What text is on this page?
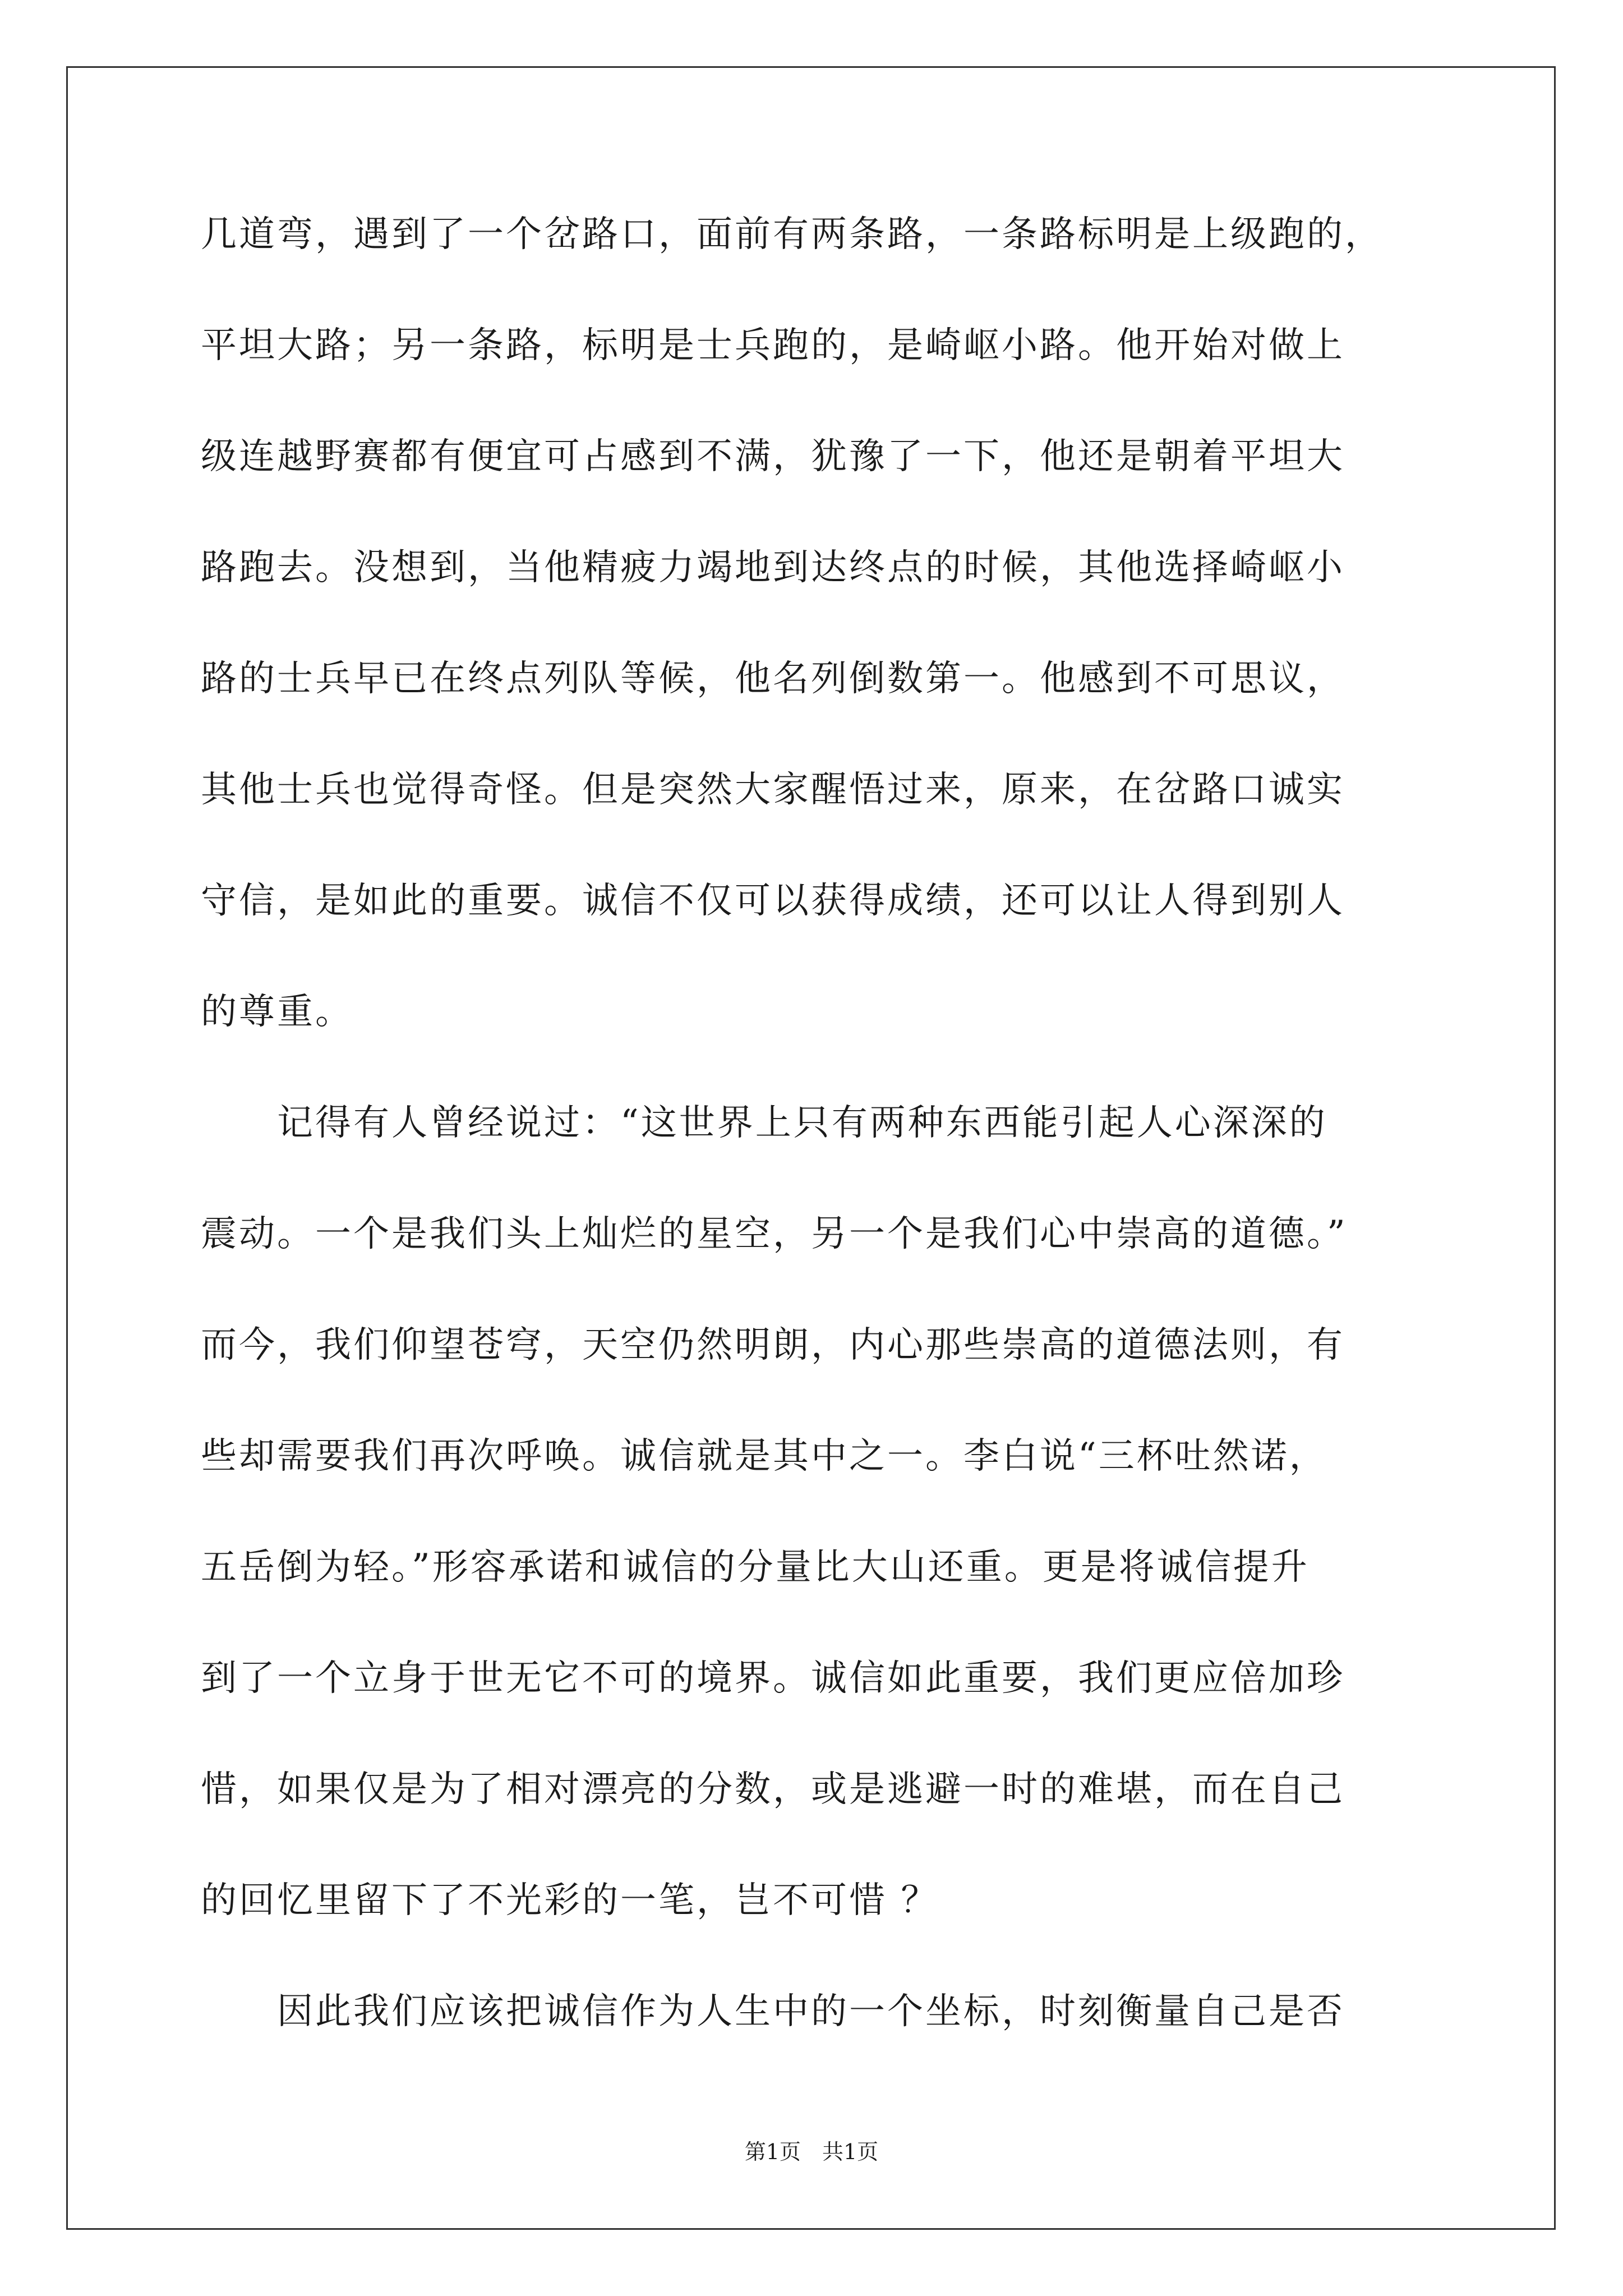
几道弯，遇到了一个岔路口，面前有两条路，一条路标明是上级跑的，
平坦大路；另一条路，标明是士兵跑的，是崎岖小路。他开始对做上
级连越野赛都有便宜可占感到不满，犹豫了一下，他还是朝着平坦大
路跑去。没想到，当他精疲力竭地到达终点的时候，其他选择崎岖小
路的士兵早已在终点列队等候，他名列倒数第一。他感到不可思议，
其他士兵也觉得奇怪。但是突然大家醒悟过来，原来，在岔路口诚实
守信，是如此的重要。诚信不仅可以获得成绩，还可以让人得到别人
的尊重。
　　记得有人曾经说过：“这世界上只有两种东西能引起人心深深的
震动。一个是我们头上灿烂的星空，另一个是我们心中崇高的道德。”
而今，我们仰望苍穹，天空仍然明朗，内心那些崇高的道德法则，有
些却需要我们再次呼唤。诚信就是其中之一。李白说“三杯吐然诺，
五岳倒为轻。”形容承诺和诚信的分量比大山还重。更是将诚信提升
到了一个立身于世无它不可的境界。诚信如此重要，我们更应倍加珍
惜，如果仅是为了相对漂亮的分数，或是逃避一时的难堪，而在自己
的回忆里留下了不光彩的一笔，岂不可惜 ？
　　因此我们应该把诚信作为人生中的一个坐标，时刻衡量自己是否
第1页　共1页
